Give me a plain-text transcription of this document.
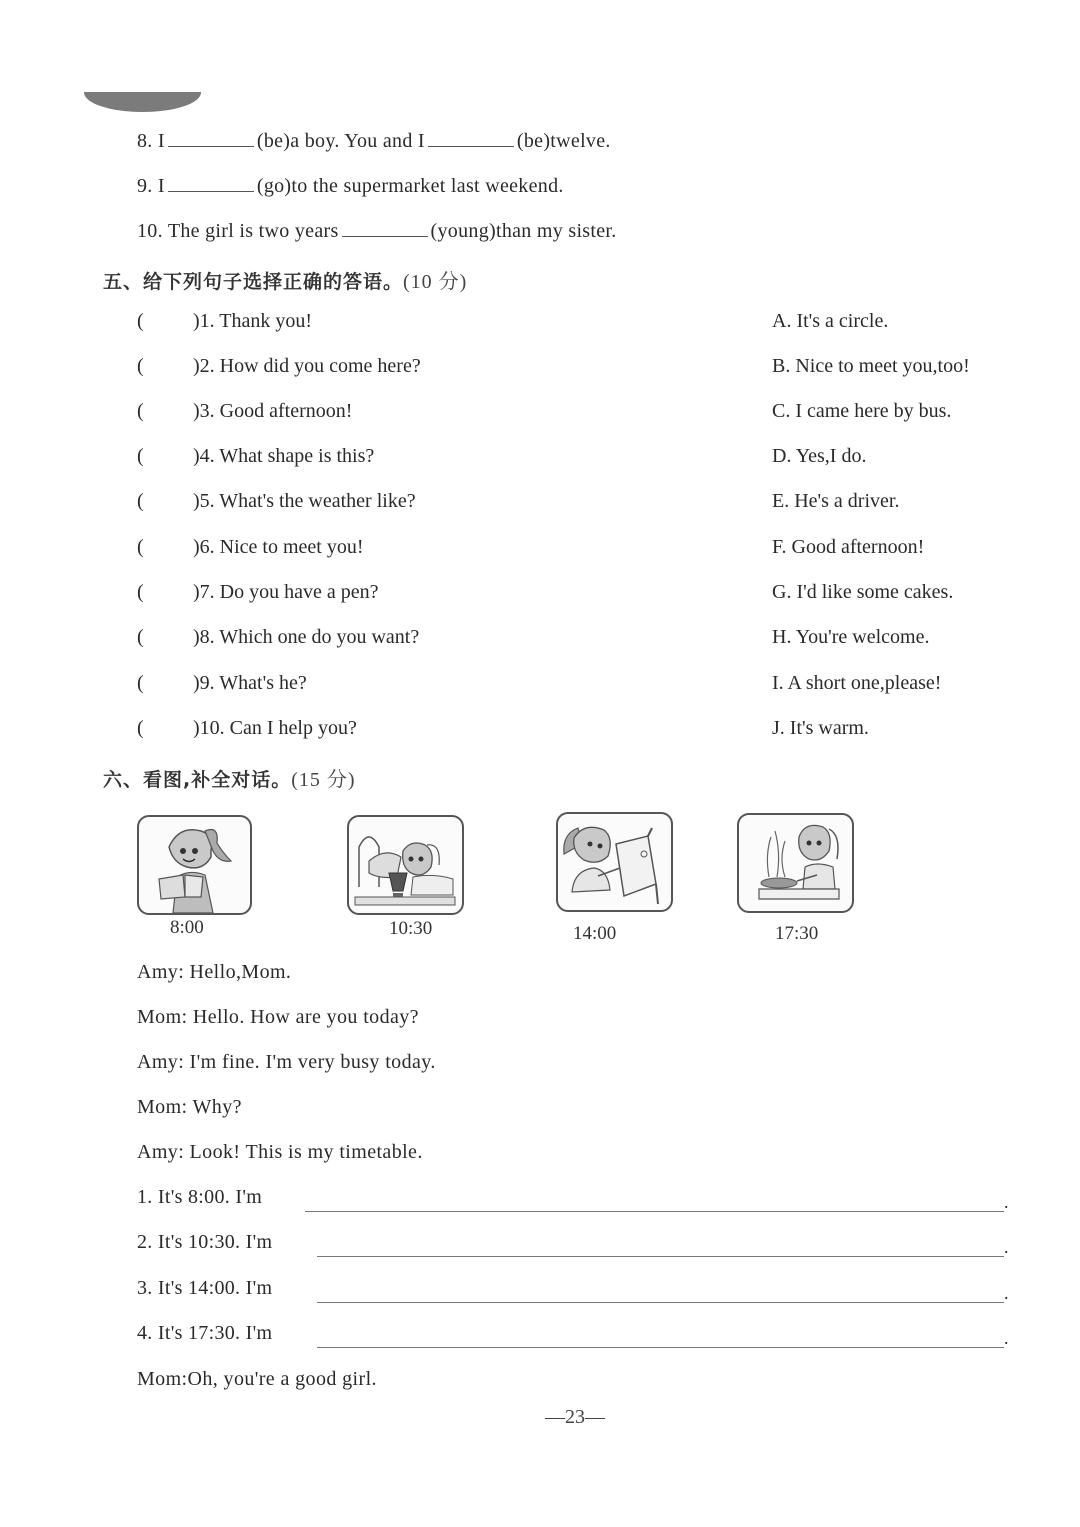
8. I	(be)a boy. You and I	(be)twelve.
9. I	(go)to the supermarket last weekend.
10. The girl is two years	(young)than my sister.
五、给下列句子选择正确的答语。(10 分)
( )1. Thank you!	A. It's a circle.
( )2. How did you come here?	B. Nice to meet you,too!
( )3. Good afternoon!	C. I came here by bus.
( )4. What shape is this?	D. Yes,I do.
( )5. What's the weather like?	E. He's a driver.
( )6. Nice to meet you!	F. Good afternoon!
( )7. Do you have a pen?	G. I'd like some cakes.
( )8. Which one do you want?	H. You're welcome.
( )9. What's he?	I. A short one,please!
( )10. Can I help you?	J. It's warm.
六、看图,补全对话。(15 分)
8:00	10:30	14:00	17:30
Amy: Hello,Mom.
Mom: Hello. How are you today?
Amy: I'm fine. I'm very busy today.
Mom: Why?
Amy: Look! This is my timetable.
1. It's 8:00. I'm	.
2. It's 10:30. I'm	.
3. It's 14:00. I'm	.
4. It's 17:30. I'm	.
Mom:Oh, you're a good girl.
—23—
